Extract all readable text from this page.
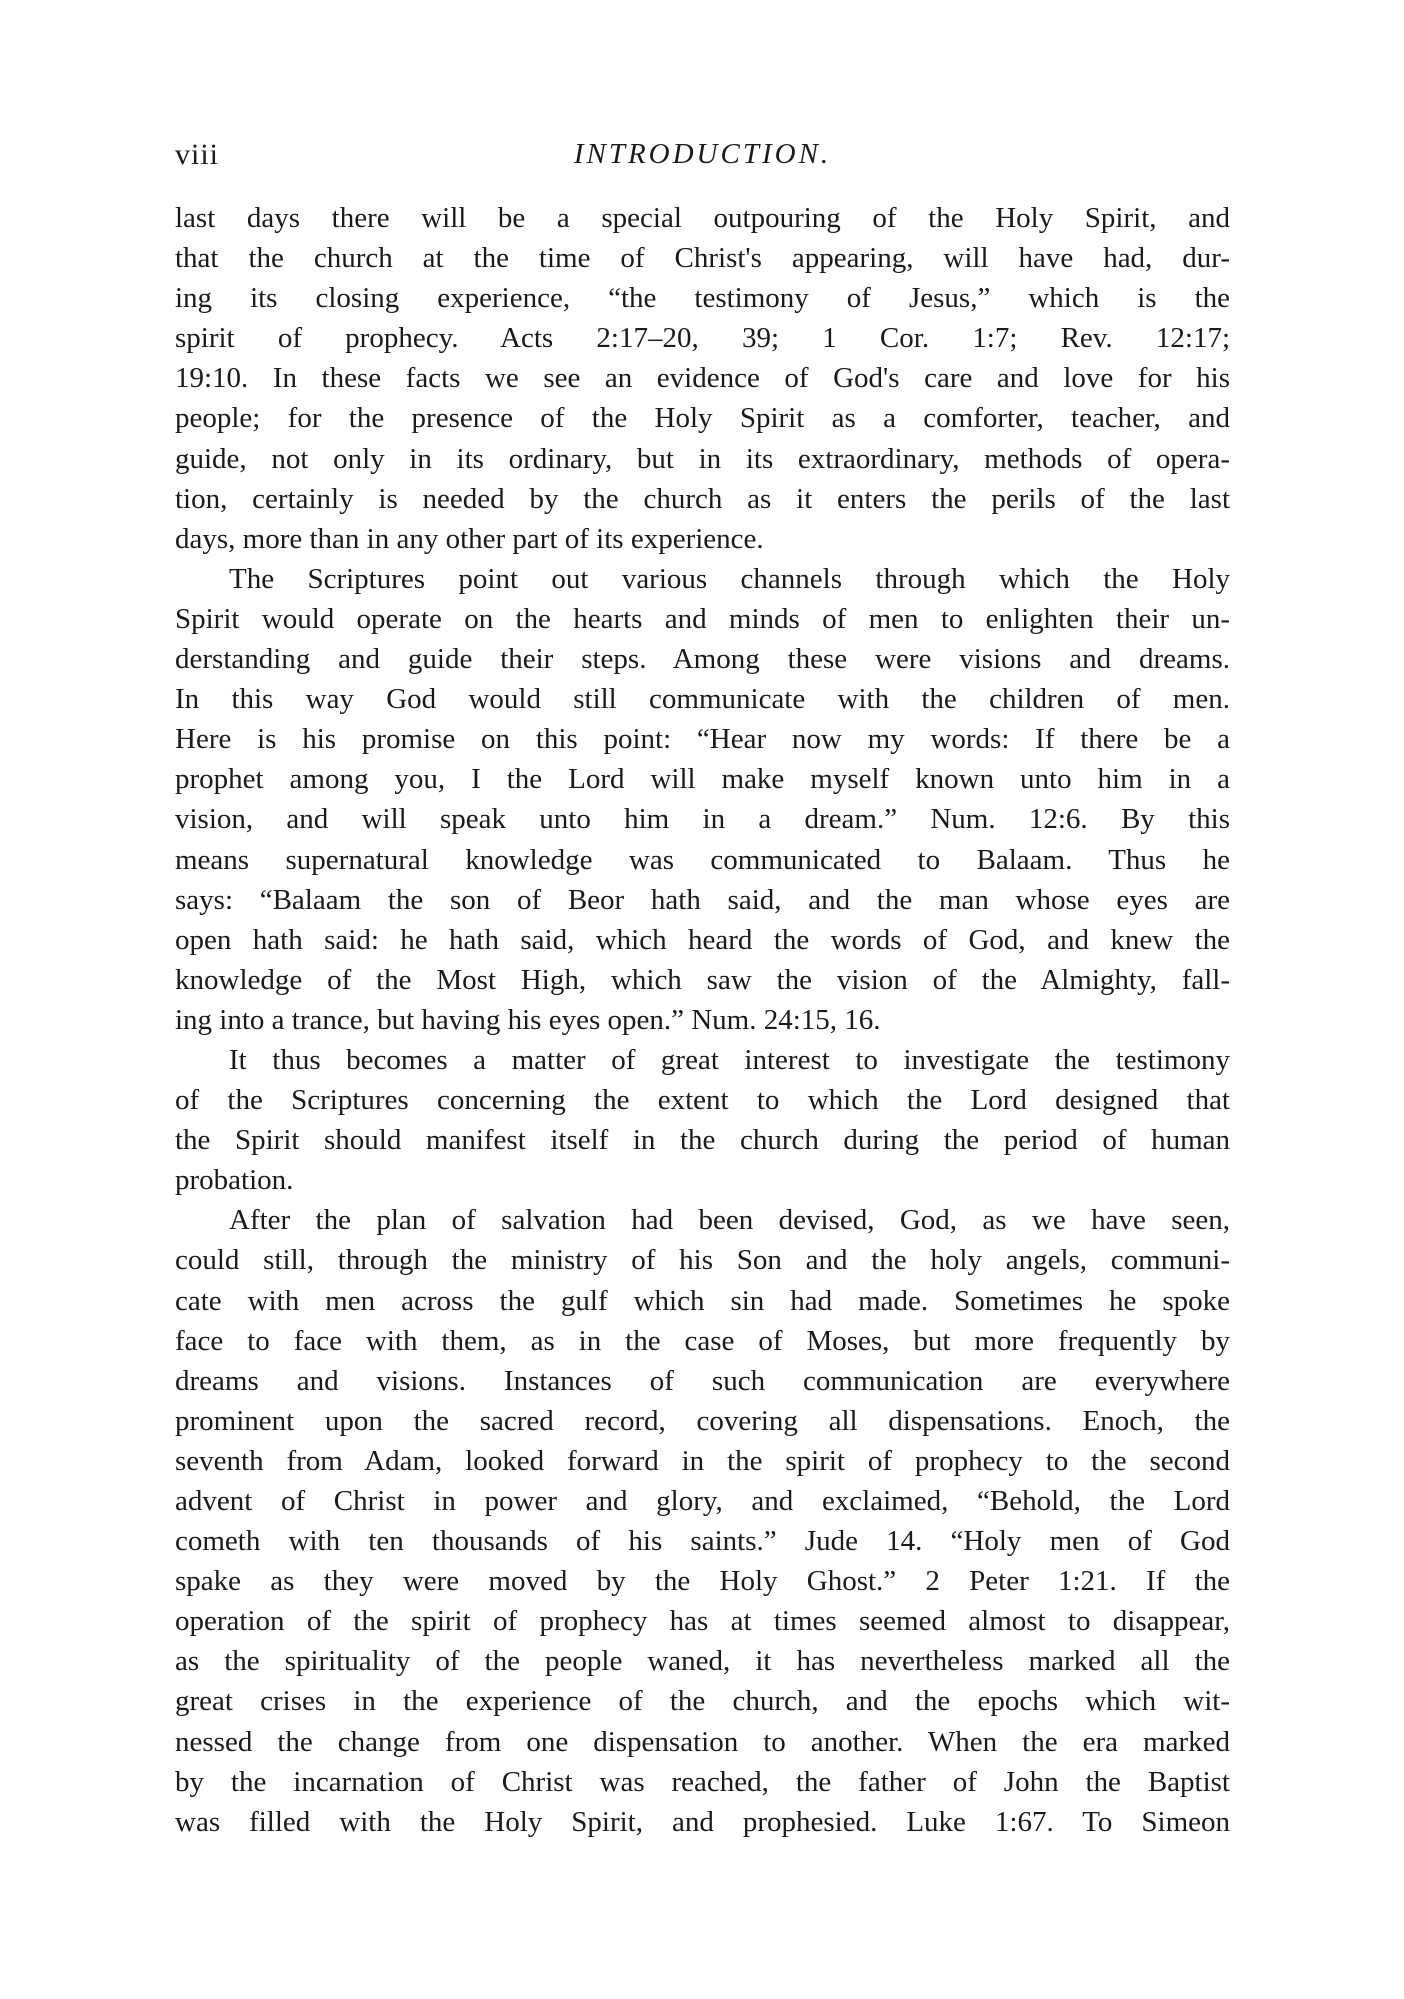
viii	INTRODUCTION.
last days there will be a special outpouring of the Holy Spirit, and
that the church at the time of Christ's appearing, will have had, dur-
ing its closing experience, “the testimony of Jesus,” which is the
spirit of prophecy. Acts 2:17–20, 39; 1 Cor. 1:7; Rev. 12:17;
19:10. In these facts we see an evidence of God's care and love for his
people; for the presence of the Holy Spirit as a comforter, teacher, and
guide, not only in its ordinary, but in its extraordinary, methods of opera-
tion, certainly is needed by the church as it enters the perils of the last
days, more than in any other part of its experience.
The Scriptures point out various channels through which the Holy
Spirit would operate on the hearts and minds of men to enlighten their un-
derstanding and guide their steps. Among these were visions and dreams.
In this way God would still communicate with the children of men.
Here is his promise on this point: “Hear now my words: If there be a
prophet among you, I the Lord will make myself known unto him in a
vision, and will speak unto him in a dream.” Num. 12:6. By this
means supernatural knowledge was communicated to Balaam. Thus he
says: “Balaam the son of Beor hath said, and the man whose eyes are
open hath said: he hath said, which heard the words of God, and knew the
knowledge of the Most High, which saw the vision of the Almighty, fall-
ing into a trance, but having his eyes open.” Num. 24:15, 16.
It thus becomes a matter of great interest to investigate the testimony
of the Scriptures concerning the extent to which the Lord designed that
the Spirit should manifest itself in the church during the period of human
probation.
After the plan of salvation had been devised, God, as we have seen,
could still, through the ministry of his Son and the holy angels, communi-
cate with men across the gulf which sin had made. Sometimes he spoke
face to face with them, as in the case of Moses, but more frequently by
dreams and visions. Instances of such communication are everywhere
prominent upon the sacred record, covering all dispensations. Enoch, the
seventh from Adam, looked forward in the spirit of prophecy to the second
advent of Christ in power and glory, and exclaimed, “Behold, the Lord
cometh with ten thousands of his saints.” Jude 14. “Holy men of God
spake as they were moved by the Holy Ghost.” 2 Peter 1:21. If the
operation of the spirit of prophecy has at times seemed almost to disappear,
as the spirituality of the people waned, it has nevertheless marked all the
great crises in the experience of the church, and the epochs which wit-
nessed the change from one dispensation to another. When the era marked
by the incarnation of Christ was reached, the father of John the Baptist
was filled with the Holy Spirit, and prophesied. Luke 1:67. To Simeon
